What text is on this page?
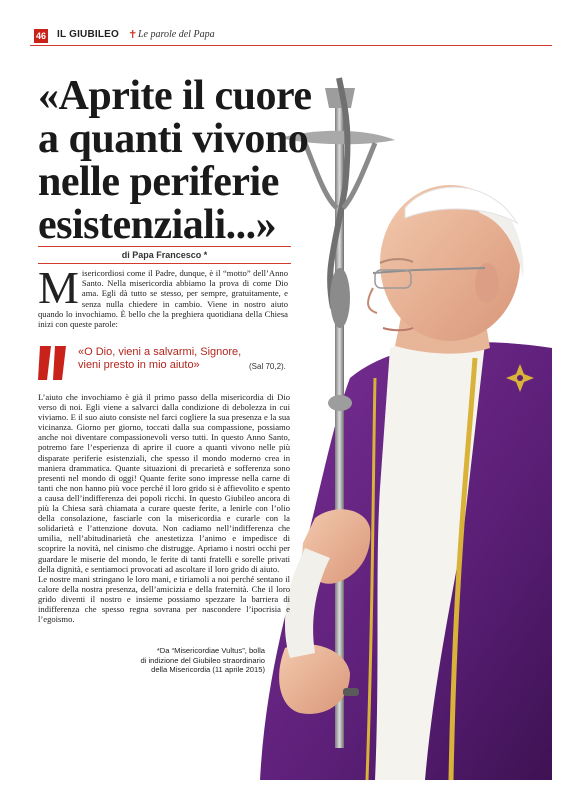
46 IL GIUBILEO ✝ Le parole del Papa
«Aprite il cuore
a quanti vivono
nelle periferie
esistenziali...»
di Papa Francesco *

Misericordiosi come il Padre, dunque, è il “motto” dell’Anno Santo. Nella misericordia abbiamo la prova di come Dio ama. Egli dà tutto se stesso, per sempre, gratuitamente, e senza nulla chiedere in cambio. Viene in nostro aiuto quando lo invochiamo. È bello che la preghiera quotidiana della Chiesa inizi con queste parole:

«O Dio, vieni a salvarmi, Signore,
vieni presto in mio aiuto»	(Sal 70,2).

L’aiuto che invochiamo è già il primo passo della misericordia di Dio verso di noi. Egli viene a salvarci dalla condizione di debolezza in cui viviamo. E il suo aiuto consiste nel farci cogliere la sua presenza e la sua vicinanza. Giorno per giorno, toccati dalla sua compassione, possiamo anche noi diventare compassionevoli verso tutti. In questo Anno Santo, potremo fare l’esperienza di aprire il cuore a quanti vivono nelle più disparate periferie esistenziali, che spesso il mondo moderno crea in maniera drammatica. Quante situazioni di precarietà e sofferenza sono presenti nel mondo di oggi! Quante ferite sono impresse nella carne di tanti che non hanno più voce perché il loro grido si è affievolito e spento a causa dell’indifferenza dei popoli ricchi. In questo Giubileo ancora di più la Chiesa sarà chiamata a curare queste ferite, a lenirle con l’olio della consolazione, fasciarle con la misericordia e curarle con la solidarietà e l’attenzione dovuta. Non cadiamo nell’indifferenza che umilia, nell’abitudinarietà che anestetizza l’animo e impedisce di scoprire la novità, nel cinismo che distrugge. Apriamo i nostri occhi per guardare le miserie del mondo, le ferite di tanti fratelli e sorelle privati della dignità, e sentiamoci provocati ad ascoltare il loro grido di aiuto.

Le nostre mani stringano le loro mani, e tiriamoli a noi perché sentano il calore della nostra presenza, dell’amicizia e della fraternità. Che il loro grido diventi il nostro e insieme possiamo spezzare la barriera di indifferenza che spesso regna sovrana per nascondere l’ipocrisia e l’egoismo.

*Da “Misericordiae Vultus”, bolla
di indizione del Giubileo straordinario
della Misericordia (11 aprile 2015)
